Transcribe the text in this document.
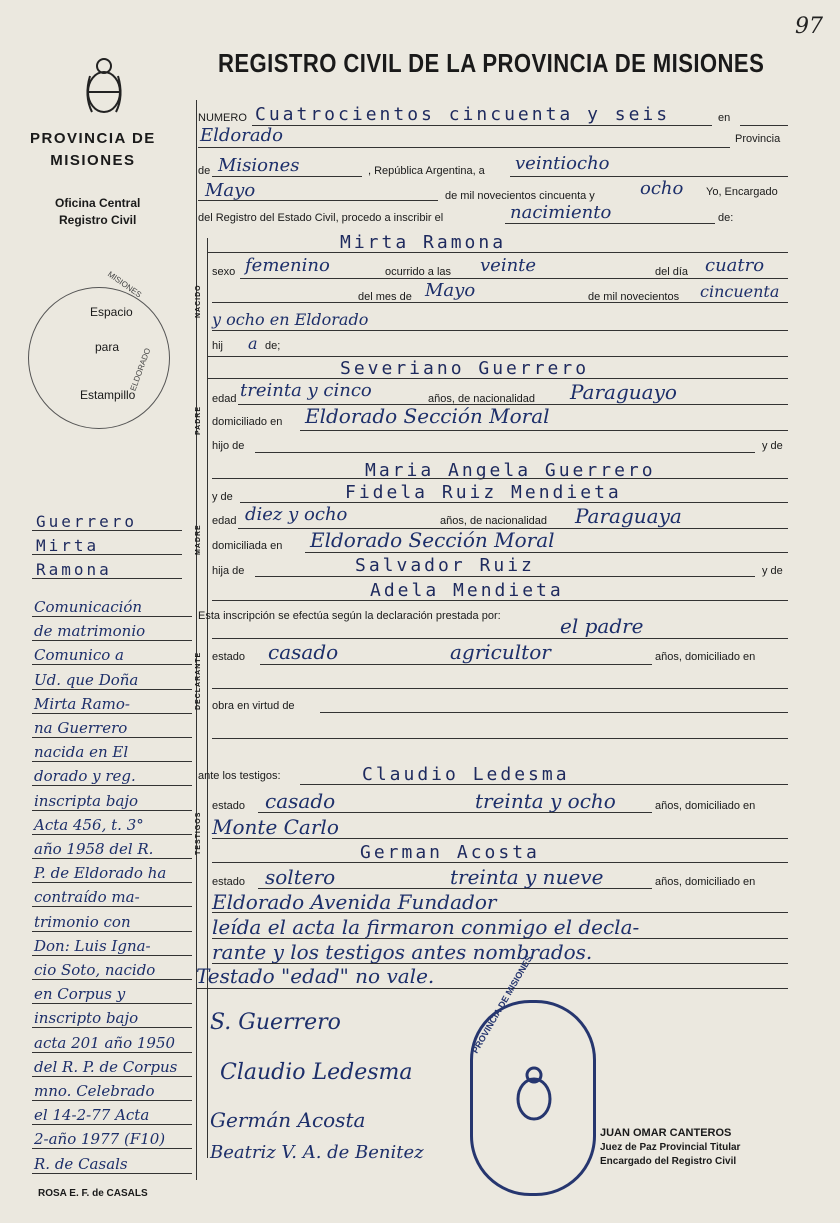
97
REGISTRO CIVIL DE LA PROVINCIA DE MISIONES
PROVINCIA DE
MISIONES
Oficina Central
Registro Civil
Espacio
para
Estampillo
MISIONES
ELDORADO
NUMERO Cuatrocientos cincuenta y seis	en
Eldorado	Provincia
de Misiones	, República Argentina, a veintiocho
Mayo	de mil novecientos cincuenta y	ocho Yo, Encargado
del Registro del Estado Civil, procedo a inscribir el	nacimiento	de:
Mirta Ramona
NACIDO
sexo femenino	ocurrido a las veinte	del día cuatro
del mes de Mayo	de mil novecientos cincuenta
y ocho en Eldorado
hij a de;
Severiano Guerrero
PADRE
edad treinta y cinco	años, de nacionalidad Paraguayo
domiciliado en Eldorado Sección Moral
hijo de	y de
Maria Angela Guerrero
y de	Fidela Ruiz Mendieta
MADRE
edad diez y ocho	años, de nacionalidad Paraguaya
domiciliada en Eldorado Sección Moral
hija de	Salvador Ruiz	y de
Adela Mendieta
Esta inscripción se efectúa según la declaración prestada por:	el padre
DECLARANTE estado casado	agricultor	años, domiciliado en
obra en virtud de
ante los testigos:	Claudio Ledesma
TESTIGOS
estado casado	treinta y ocho	años, domiciliado en
Monte Carlo
German Acosta
estado soltero	treinta y nueve	años, domiciliado en
Eldorado Avenida Fundador
leída el acta la firmaron conmigo el decla-
rante y los testigos antes nombrados.
Testado "edad" no vale.
S. Guerrero
Claudio Ledesma
Germán Acosta
Beatriz V. A. de Benitez
PROVINCIA DE MISIONES
JUAN OMAR CANTEROS
Juez de Paz Provincial Titular
Encargado del Registro Civil
Guerrero
Mirta
Ramona
Comunicación
de matrimonio
Comunico a
Ud. que Doña
Mirta Ramo-
na Guerrero
nacida en El
dorado y reg.
inscripta bajo
Acta 456, t. 3°
año 1958 del R.
P. de Eldorado ha
contraído ma-
trimonio con
Don: Luis Igna-
cio Soto, nacido
en Corpus y
inscripto bajo
acta 201 año 1950
del R. P. de Corpus
mno. Celebrado
el 14-2-77 Acta
2-año 1977 (F10)
R. de Casals
ROSA E. F. de CASALS
